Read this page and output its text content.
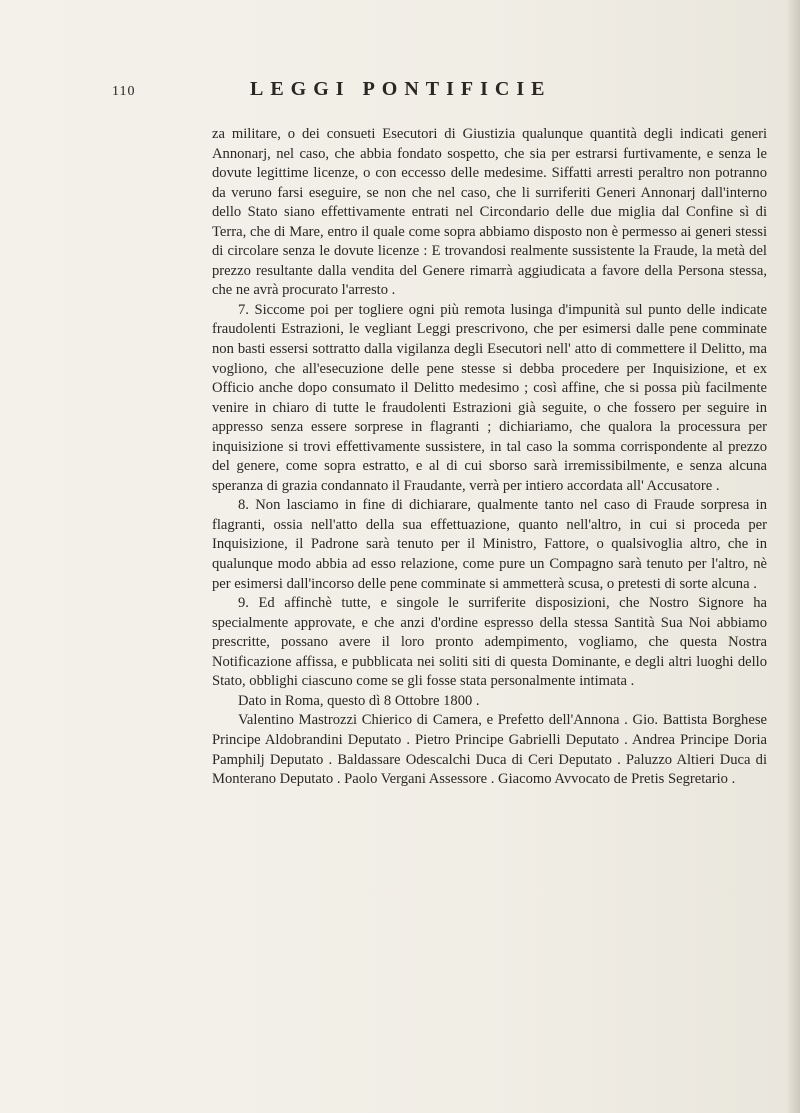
110	LEGGI PONTIFICIE

za militare, o dei consueti Esecutori di Giustizia qualunque quantità degli indicati generi Annonarj, nel caso, che abbia fondato sospetto, che sia per estrarsi furtivamente, e senza le dovute legittime licenze, o con eccesso delle medesime. Siffatti arresti peraltro non potranno da veruno farsi eseguire, se non che nel caso, che li surriferiti Generi Annonarj dall'interno dello Stato siano effettivamente entrati nel Circondario delle due miglia dal Confine sì di Terra, che di Mare, entro il quale come sopra abbiamo disposto non è permesso ai generi stessi di circolare senza le dovute licenze : E trovandosi realmente sussistente la Fraude, la metà del prezzo resultante dalla vendita del Genere rimarrà aggiudicata a favore della Persona stessa, che ne avrà procurato l'arresto .

7. Siccome poi per togliere ogni più remota lusinga d'impunità sul punto delle indicate fraudolenti Estrazioni, le vegliant Leggi prescrivono, che per esimersi dalle pene comminate non basti essersi sottratto dalla vigilanza degli Esecutori nell' atto di commettere il Delitto, ma vogliono, che all'esecuzione delle pene stesse si debba procedere per Inquisizione, et ex Officio anche dopo consumato il Delitto medesimo ; così affine, che si possa più facilmente venire in chiaro di tutte le fraudolenti Estrazioni già seguite, o che fossero per seguire in appresso senza essere sorprese in flagranti ; dichiariamo, che qualora la processura per inquisizione si trovi effettivamente sussistere, in tal caso la somma corrispondente al prezzo del genere, come sopra estratto, e al di cui sborso sarà irremissibilmente, e senza alcuna speranza di grazia condannato il Fraudante, verrà per intiero accordata all' Accusatore .

8. Non lasciamo in fine di dichiarare, qualmente tanto nel caso di Fraude sorpresa in flagranti, ossia nell'atto della sua effettuazione, quanto nell'altro, in cui si proceda per Inquisizione, il Padrone sarà tenuto per il Ministro, Fattore, o qualsivoglia altro, che in qualunque modo abbia ad esso relazione, come pure un Compagno sarà tenuto per l'altro, nè per esimersi dall'incorso delle pene comminate si ammetterà scusa, o pretesti di sorte alcuna .

9. Ed affinchè tutte, e singole le surriferite disposizioni, che Nostro Signore ha specialmente approvate, e che anzi d'ordine espresso della stessa Santità Sua Noi abbiamo prescritte, possano avere il loro pronto adempimento, vogliamo, che questa Nostra Notificazione affissa, e pubblicata nei soliti siti di questa Dominante, e degli altri luoghi dello Stato, obblighi ciascuno come se gli fosse stata personalmente intimata .

Dato in Roma, questo dì 8 Ottobre 1800 .

Valentino Mastrozzi Chierico di Camera, e Prefetto dell'Annona . Gio. Battista Borghese Principe Aldobrandini Deputato . Pietro Principe Gabrielli Deputato . Andrea Principe Doria Pamphilj Deputato . Baldassare Odescalchi Duca di Ceri Deputato . Paluzzo Altieri Duca di Monterano Deputato . Paolo Vergani Assessore . Giacomo Avvocato de Pretis Segretario .
